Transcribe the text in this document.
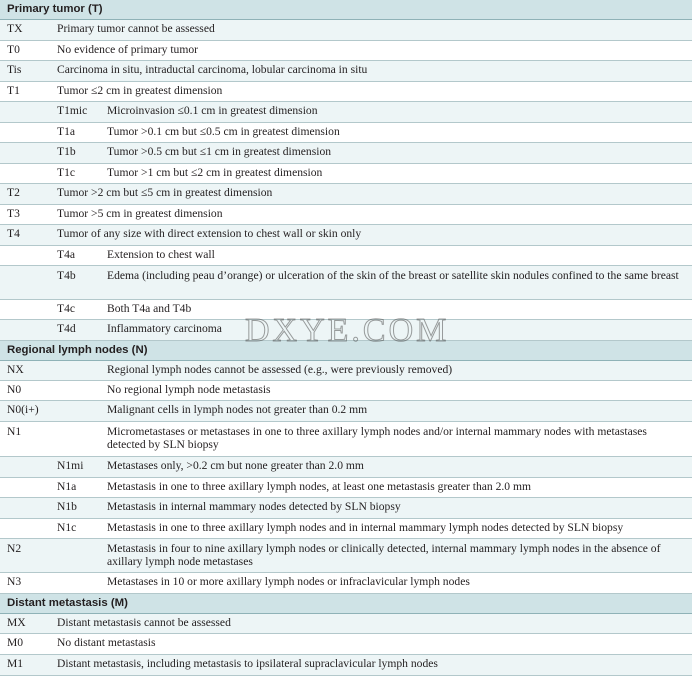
Primary tumor (T)
TX	Primary tumor cannot be assessed
T0	No evidence of primary tumor
Tis	Carcinoma in situ, intraductal carcinoma, lobular carcinoma in situ
T1	Tumor ≤2 cm in greatest dimension
T1mic Microinvasion ≤0.1 cm in greatest dimension
T1a	Tumor >0.1 cm but ≤0.5 cm in greatest dimension
T1b	Tumor >0.5 cm but ≤1 cm in greatest dimension
T1c	Tumor >1 cm but ≤2 cm in greatest dimension
T2	Tumor >2 cm but ≤5 cm in greatest dimension
T3	Tumor >5 cm in greatest dimension
T4	Tumor of any size with direct extension to chest wall or skin only
T4a	Extension to chest wall
T4b	Edema (including peau d’orange) or ulceration of the skin of the breast or satellite skin nodules confined to the same breast
T4c	Both T4a and T4b
T4d	Inflammatory carcinoma
Regional lymph nodes (N)
NX	Regional lymph nodes cannot be assessed (e.g., were previously removed)
N0	No regional lymph node metastasis
N0(i+)	Malignant cells in lymph nodes not greater than 0.2 mm
N1	Micrometastases or metastases in one to three axillary lymph nodes and/or internal mammary nodes with metastases detected by SLN biopsy
N1mi Metastases only, >0.2 cm but none greater than 2.0 mm
N1a	Metastasis in one to three axillary lymph nodes, at least one metastasis greater than 2.0 mm
N1b	Metastasis in internal mammary nodes detected by SLN biopsy
N1c	Metastasis in one to three axillary lymph nodes and in internal mammary lymph nodes detected by SLN biopsy
N2	Metastasis in four to nine axillary lymph nodes or clinically detected, internal mammary lymph nodes in the absence of axillary lymph node metastases
N3	Metastases in 10 or more axillary lymph nodes or infraclavicular lymph nodes
Distant metastasis (M)
MX	Distant metastasis cannot be assessed
M0	No distant metastasis
M1	Distant metastasis, including metastasis to ipsilateral supraclavicular lymph nodes
